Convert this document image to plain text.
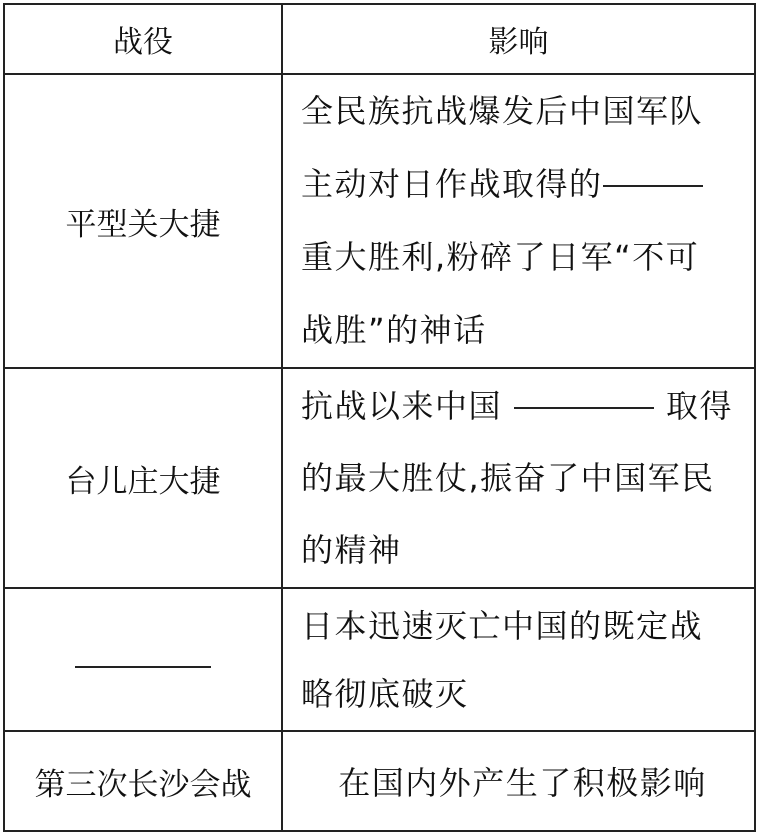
战役	影响
平型关大捷	全民族抗战爆发后中国军队
主动对日作战取得的
重大胜利,粉碎了日军“不可
战胜”的神话

台儿庄大捷	抗战以来中国 取得
的最大胜仗,振奋了中国军民
的精神

	日本迅速灭亡中国的既定战
略彻底破灭

第三次长沙会战	在国内外产生了积极影响
